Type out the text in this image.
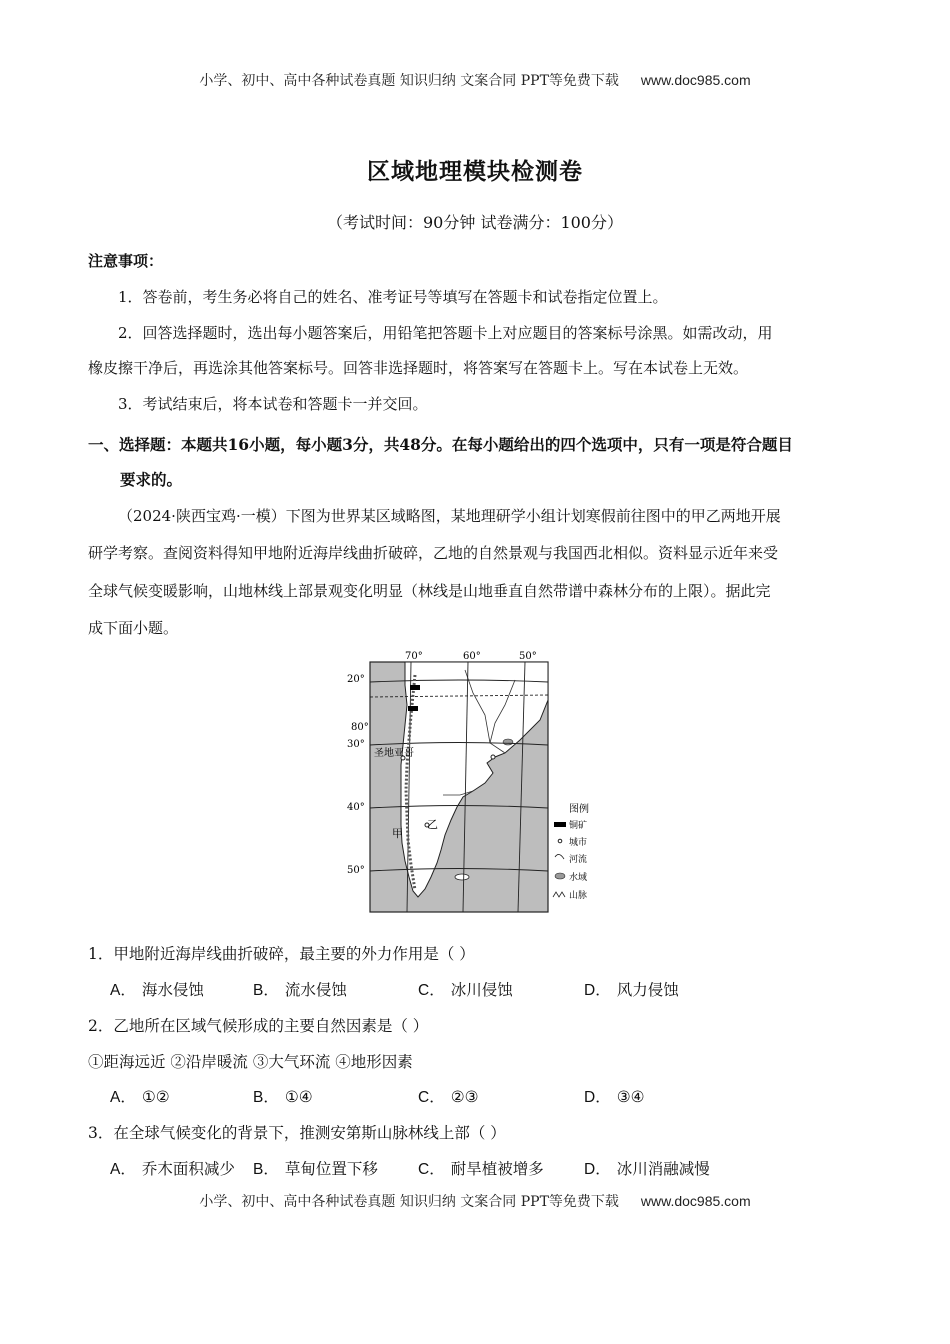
小学、初中、高中各种试卷真题 知识归纳 文案合同 PPT等免费下载 www.doc985.com
区域地理模块检测卷
（考试时间：90分钟 试卷满分：100分）
注意事项：
1．答卷前，考生务必将自己的姓名、准考证号等填写在答题卡和试卷指定位置上。
2．回答选择题时，选出每小题答案后，用铅笔把答题卡上对应题目的答案标号涂黑。如需改动，用
橡皮擦干净后，再选涂其他答案标号。回答非选择题时，将答案写在答题卡上。写在本试卷上无效。
3．考试结束后，将本试卷和答题卡一并交回。
一、选择题：本题共16小题，每小题3分，共48分。在每小题给出的四个选项中，只有一项是符合题目
要求的。
（2024·陕西宝鸡·一模）下图为世界某区域略图，某地理研学小组计划寒假前往图中的甲乙两地开展
研学考察。查阅资料得知甲地附近海岸线曲折破碎，乙地的自然景观与我国西北相似。资料显示近年来受
全球气候变暖影响，山地林线上部景观变化明显（林线是山地垂直自然带谱中森林分布的上限）。据此完
成下面小题。
70°	60°	50°
20°
80°
30°
40°
50°
圣地亚哥
甲
乙
图例
铜矿
城市
河流
水域
山脉
1．甲地附近海岸线曲折破碎，最主要的外力作用是（ ）
A． 海水侵蚀	B． 流水侵蚀	C． 冰川侵蚀	D． 风力侵蚀
2．乙地所在区域气候形成的主要自然因素是（ ）
①距海远近 ②沿岸暖流 ③大气环流 ④地形因素
A． ①②	B． ①④	C． ②③	D． ③④
3．在全球气候变化的背景下，推测安第斯山脉林线上部（ ）
A． 乔木面积减少 B． 草甸位置下移	C． 耐旱植被增多	D． 冰川消融减慢
小学、初中、高中各种试卷真题 知识归纳 文案合同 PPT等免费下载 www.doc985.com
